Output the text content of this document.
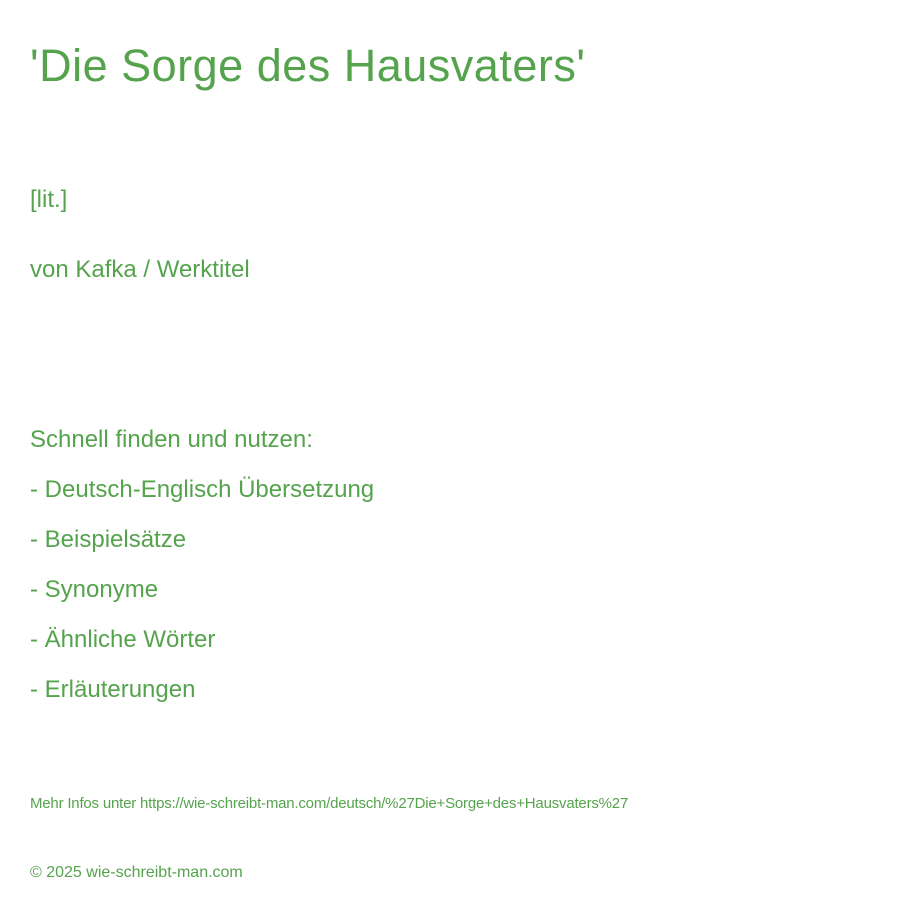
'Die Sorge des Hausvaters'

[lit.]

von Kafka / Werktitel

Schnell finden und nutzen:

- Deutsch-Englisch Übersetzung

- Beispielsätze

- Synonyme

- Ähnliche Wörter

- Erläuterungen

Mehr Infos unter https://wie-schreibt-man.com/deutsch/%27Die+Sorge+des+Hausvaters%27

© 2025 wie-schreibt-man.com
